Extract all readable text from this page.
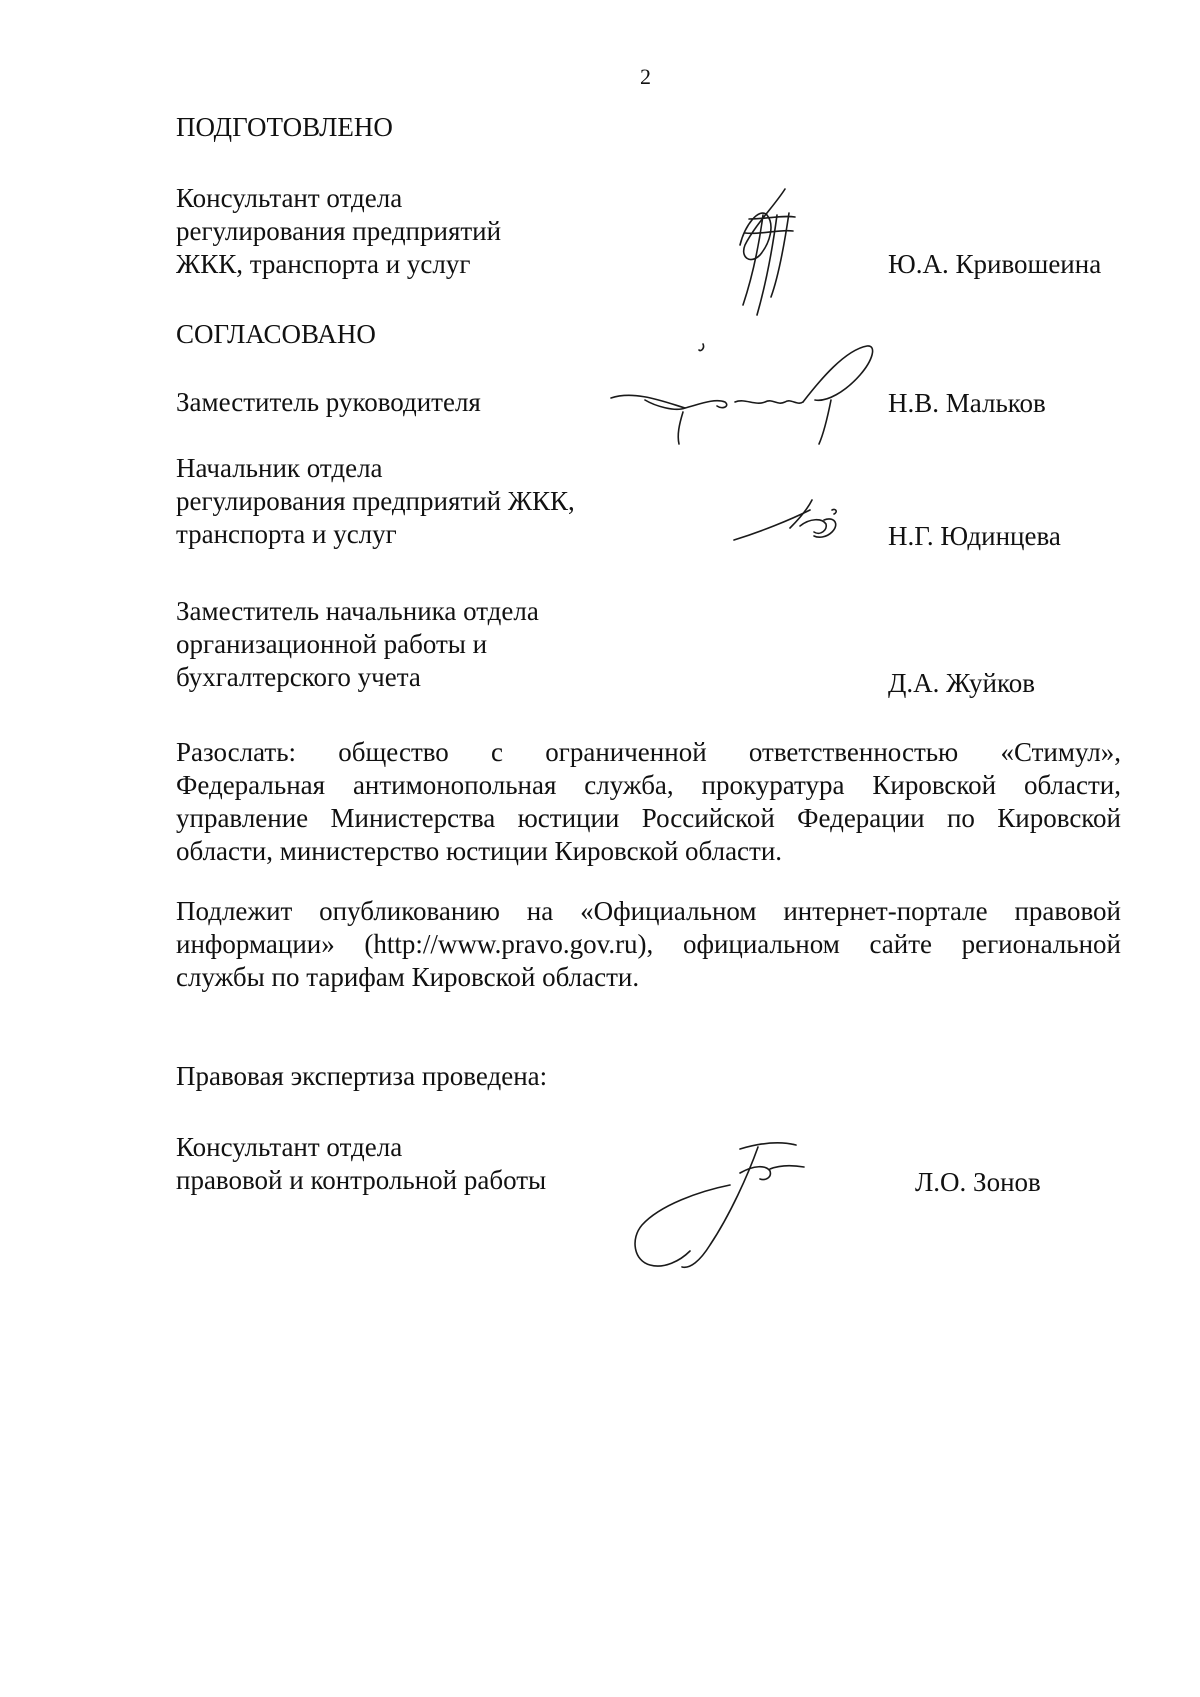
2
ПОДГОТОВЛЕНО
Консультант отдела
регулирования предприятий
ЖКК, транспорта и услуг	Ю.А. Кривошеина
СОГЛАСОВАНО
Заместитель руководителя	Н.В. Мальков
Начальник отдела
регулирования предприятий ЖКК,
транспорта и услуг	Н.Г. Юдинцева
Заместитель начальника отдела
организационной работы и
бухгалтерского учета	Д.А. Жуйков
Разослать: общество с ограниченной ответственностью «Стимул»,
Федеральная антимонопольная служба, прокуратура Кировской области,
управление Министерства юстиции Российской Федерации по Кировской
области, министерство юстиции Кировской области.
Подлежит опубликованию на «Официальном интернет-портале правовой
информации» (http://www.pravo.gov.ru), официальном сайте региональной
службы по тарифам Кировской области.
Правовая экспертиза проведена:
Консультант отдела
правовой и контрольной работы	Л.О. Зонов
